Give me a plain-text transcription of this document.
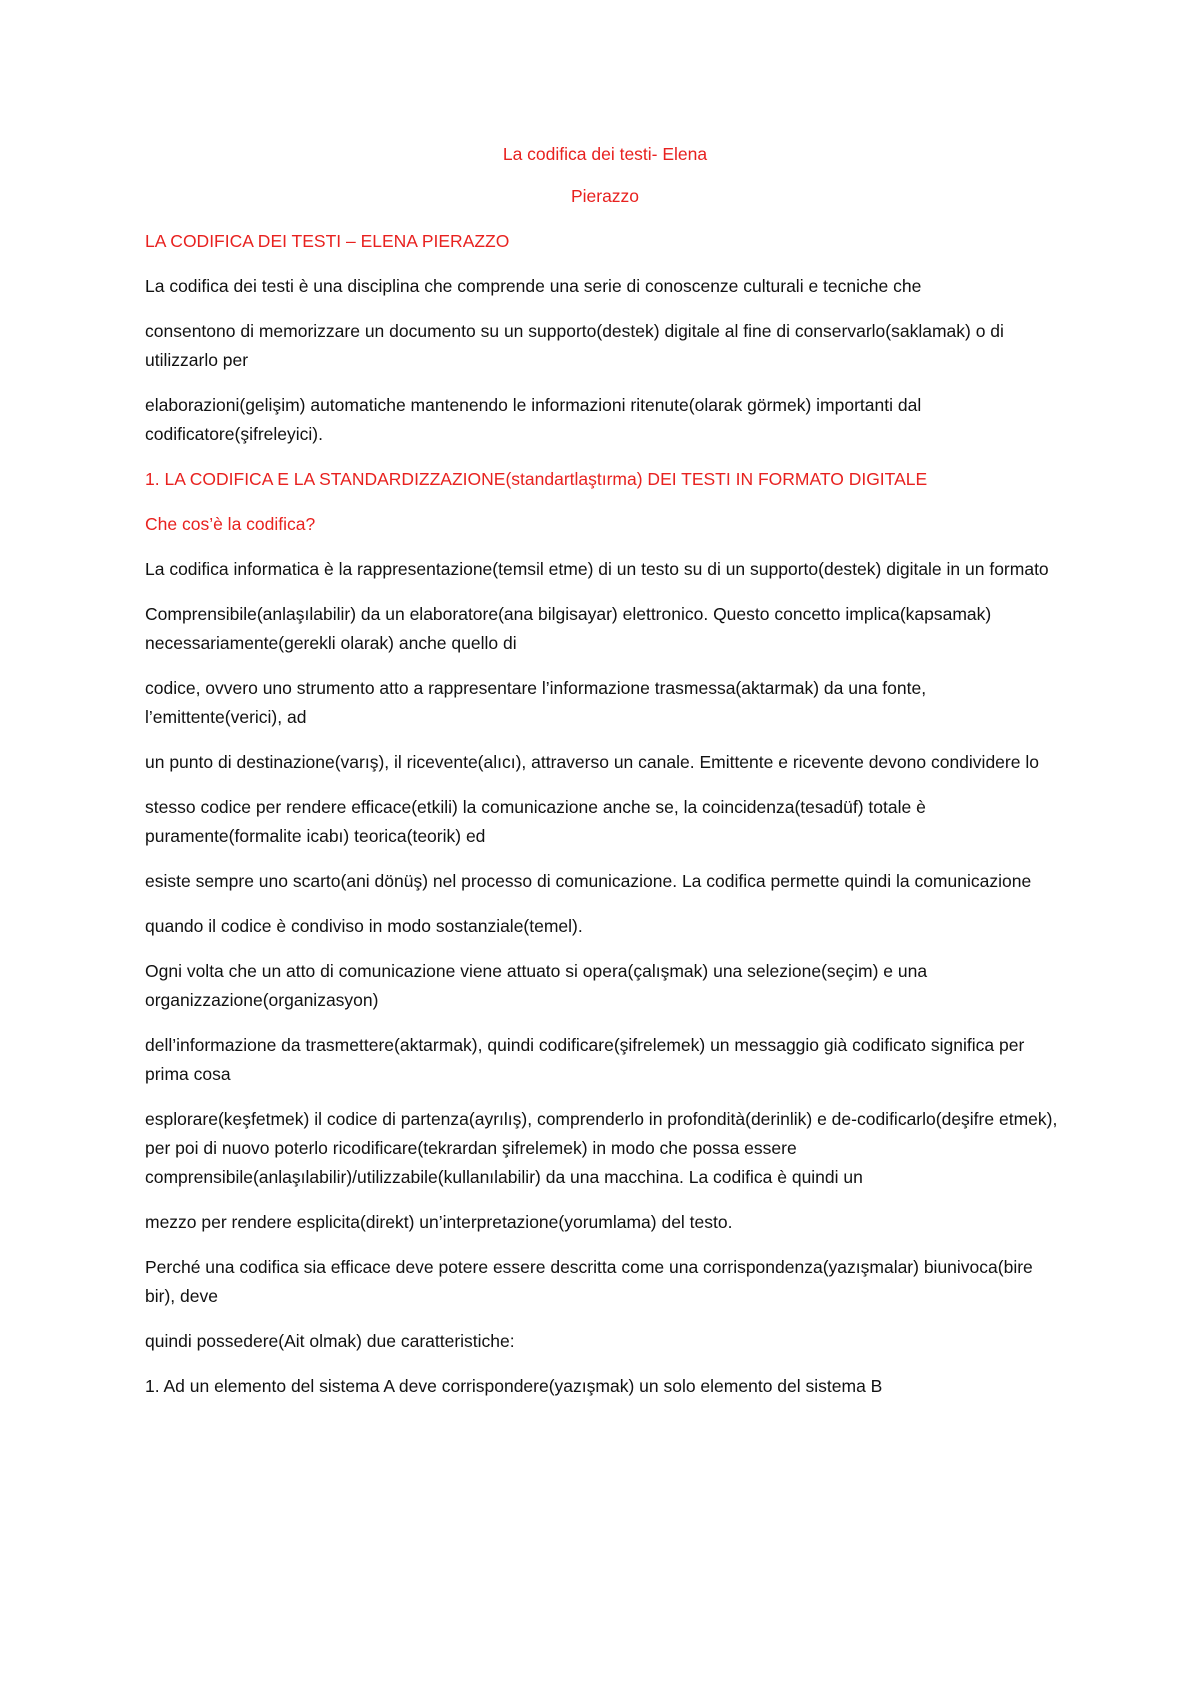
La codifica dei testi- Elena

Pierazzo

LA CODIFICA DEI TESTI – ELENA PIERAZZO

La codifica dei testi è una disciplina che comprende una serie di conoscenze culturali e tecniche che

consentono di memorizzare un documento su un supporto(destek) digitale al fine di conservarlo(saklamak) o di utilizzarlo per

elaborazioni(gelişim) automatiche mantenendo le informazioni ritenute(olarak görmek) importanti dal codificatore(şifreleyici).

1. LA CODIFICA E LA STANDARDIZZAZIONE(standartlaştırma) DEI TESTI IN FORMATO DIGITALE

Che cos’è la codifica?

La codifica informatica è la rappresentazione(temsil etme) di un testo su di un supporto(destek) digitale in un formato

Comprensibile(anlaşılabilir) da un elaboratore(ana bilgisayar) elettronico. Questo concetto implica(kapsamak) necessariamente(gerekli olarak) anche quello di

codice, ovvero uno strumento atto a rappresentare l’informazione trasmessa(aktarmak) da una fonte, l’emittente(verici), ad

un punto di destinazione(varış), il ricevente(alıcı), attraverso un canale. Emittente e ricevente devono condividere lo

stesso codice per rendere efficace(etkili) la comunicazione anche se, la coincidenza(tesadüf) totale è puramente(formalite icabı) teorica(teorik) ed

esiste sempre uno scarto(ani dönüş) nel processo di comunicazione. La codifica permette quindi la comunicazione

quando il codice è condiviso in modo sostanziale(temel).

Ogni volta che un atto di comunicazione viene attuato si opera(çalışmak) una selezione(seçim) e una organizzazione(organizasyon)

dell’informazione da trasmettere(aktarmak), quindi codificare(şifrelemek) un messaggio già codificato significa per prima cosa

esplorare(keşfetmek) il codice di partenza(ayrılış), comprenderlo in profondità(derinlik) e de-codificarlo(deşifre etmek), per poi di nuovo poterlo ricodificare(tekrardan şifrelemek) in modo che possa essere comprensibile(anlaşılabilir)/utilizzabile(kullanılabilir) da una macchina. La codifica è quindi un

mezzo per rendere esplicita(direkt) un’interpretazione(yorumlama) del testo.

Perché una codifica sia efficace deve potere essere descritta come una corrispondenza(yazışmalar) biunivoca(bire bir), deve

quindi possedere(Ait olmak) due caratteristiche:

1. Ad un elemento del sistema A deve corrispondere(yazışmak) un solo elemento del sistema B
